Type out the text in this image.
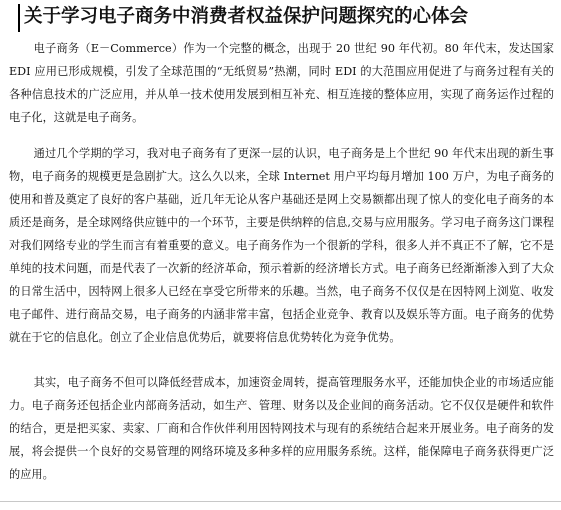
关于学习电子商务中消费者权益保护问题探究的心体会

电子商务（E－Commerce）作为一个完整的概念，出现于 20 世纪 90 年代初。80 年代末，发达国家 EDI 应用已形成规模，引发了全球范围的“无纸贸易”热潮，同时 EDI 的大范围应用促进了与商务过程有关的各种信息技术的广泛应用，并从单一技术使用发展到相互补充、相互连接的整体应用，实现了商务运作过程的电子化，这就是电子商务。

通过几个学期的学习，我对电子商务有了更深一层的认识，电子商务是上个世纪 90 年代末出现的新生事物，电子商务的规模更是急剧扩大。这么久以来，全球 Internet 用户平均每月增加 100 万户，为电子商务的使用和普及奠定了良好的客户基础，近几年无论从客户基础还是网上交易额都出现了惊人的变化电子商务的本质还是商务，是全球网络供应链中的一个环节，主要是供纳粹的信息,交易与应用服务。学习电子商务这门课程对我们网络专业的学生而言有着重要的意义。电子商务作为一个很新的学科，很多人并不真正不了解，它不是单纯的技术问题，而是代表了一次新的经济革命，预示着新的经济增长方式。电子商务已经渐渐渗入到了大众的日常生活中，因特网上很多人已经在享受它所带来的乐趣。当然，电子商务不仅仅是在因特网上浏览、收发电子邮件、进行商品交易，电子商务的内涵非常丰富，包括企业竞争、教育以及娱乐等方面。电子商务的优势就在于它的信息化。创立了企业信息优势后，就要将信息优势转化为竞争优势。

其实，电子商务不但可以降低经营成本，加速资金周转，提高管理服务水平，还能加快企业的市场适应能力。电子商务还包括企业内部商务活动，如生产、管理、财务以及企业间的商务活动。它不仅仅是硬件和软件的结合，更是把买家、卖家、厂商和合作伙伴利用因特网技术与现有的系统结合起来开展业务。电子商务的发展，将会提供一个良好的交易管理的网络环境及多种多样的应用服务系统。这样，能保障电子商务获得更广泛的应用。
